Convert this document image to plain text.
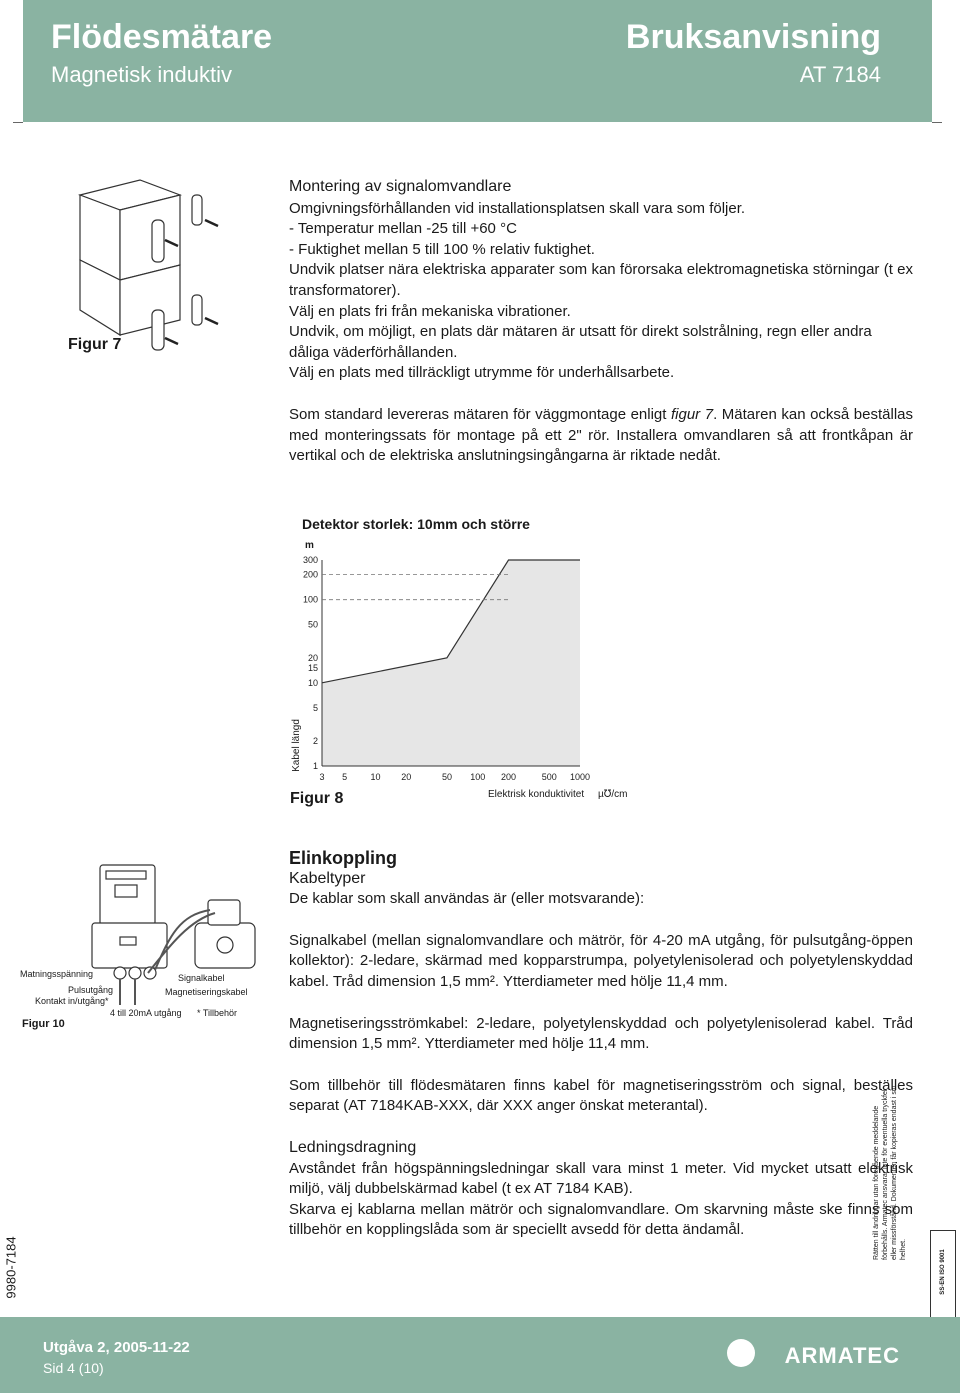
Flödesmätare
Magnetisk induktiv
Bruksanvisning
AT 7184
Figur 7

Montering av signalomvandlare

Omgivningsförhållanden vid installationsplatsen skall vara som följer.

- Temperatur mellan -25 till +60 °C

- Fuktighet mellan 5 till 100 % relativ fuktighet.

Undvik platser nära elektriska apparater som kan förorsaka elektromagnetiska störningar (t ex transformatorer).

Välj en plats fri från mekaniska vibrationer.

Undvik, om möjligt, en plats där mätaren är utsatt för direkt solstrålning, regn eller andra dåliga väderförhållanden.

Välj en plats med tillräckligt utrymme för underhållsarbete.

Som standard levereras mätaren för väggmontage enligt figur 7. Mätaren kan också beställas med monteringssats för montage på ett 2" rör. Installera omvandlaren så att frontkåpan är vertikal och de elektriska anslutningsingångarna är riktade nedåt.

Detektor storlek: 10mm och större
m
Kabel längd 1
2
5
10
15
20
50
100
200
300
3 5	10 20	50 100 200	500 1000
Elektrisk konduktivitet µ℧/cm
Figur 8
Matningsspänning
Pulsutgång
Kontakt in/utgång*
4 till 20mA utgång
Signalkabel
Magnetiseringskabel
* Tillbehör
Figur 10

Elinkoppling

Kabeltyper

De kablar som skall användas är (eller motsvarande):

Signalkabel (mellan signalomvandlare och mätrör, för 4-20 mA utgång, för pulsutgång-öppen kollektor): 2-ledare, skärmad med kopparstrumpa, polyetylenisolerad och polyetylenskyddad kabel. Tråd dimension 1,5 mm². Ytterdiameter med hölje 11,4 mm.

Magnetiseringsströmkabel: 2-ledare, polyetylenskyddad och polyetylenisolerad kabel. Tråd dimension 1,5 mm². Ytterdiameter med hölje 11,4 mm.

Som tillbehör till flödesmätaren finns kabel för magnetiseringsström och signal, beställes separat (AT 7184KAB-XXX, där XXX anger önskat meterantal).

Ledningsdragning

Avståndet från högspänningsledningar skall vara minst 1 meter. Vid mycket utsatt elektrisk miljö, välj dubbelskärmad kabel (t ex AT 7184 KAB).

Skarva ej kablarna mellan mätrör och signalomvandlare. Om skarvning måste ske finns som tillbehör en kopplingslåda som är speciellt avsedd för detta ändamål.

9980-7184
Rätten till ändringar utan föregående meddelande förbehålls. Armatec ansvarar inte för eventuella tryckfel eller missförstånd. Dokumenten får kopieras endast i sin helhet.	SS-EN ISO 9001
Utgåva 2, 2005-11-22
Sid 4 (10)	ARMATEC
